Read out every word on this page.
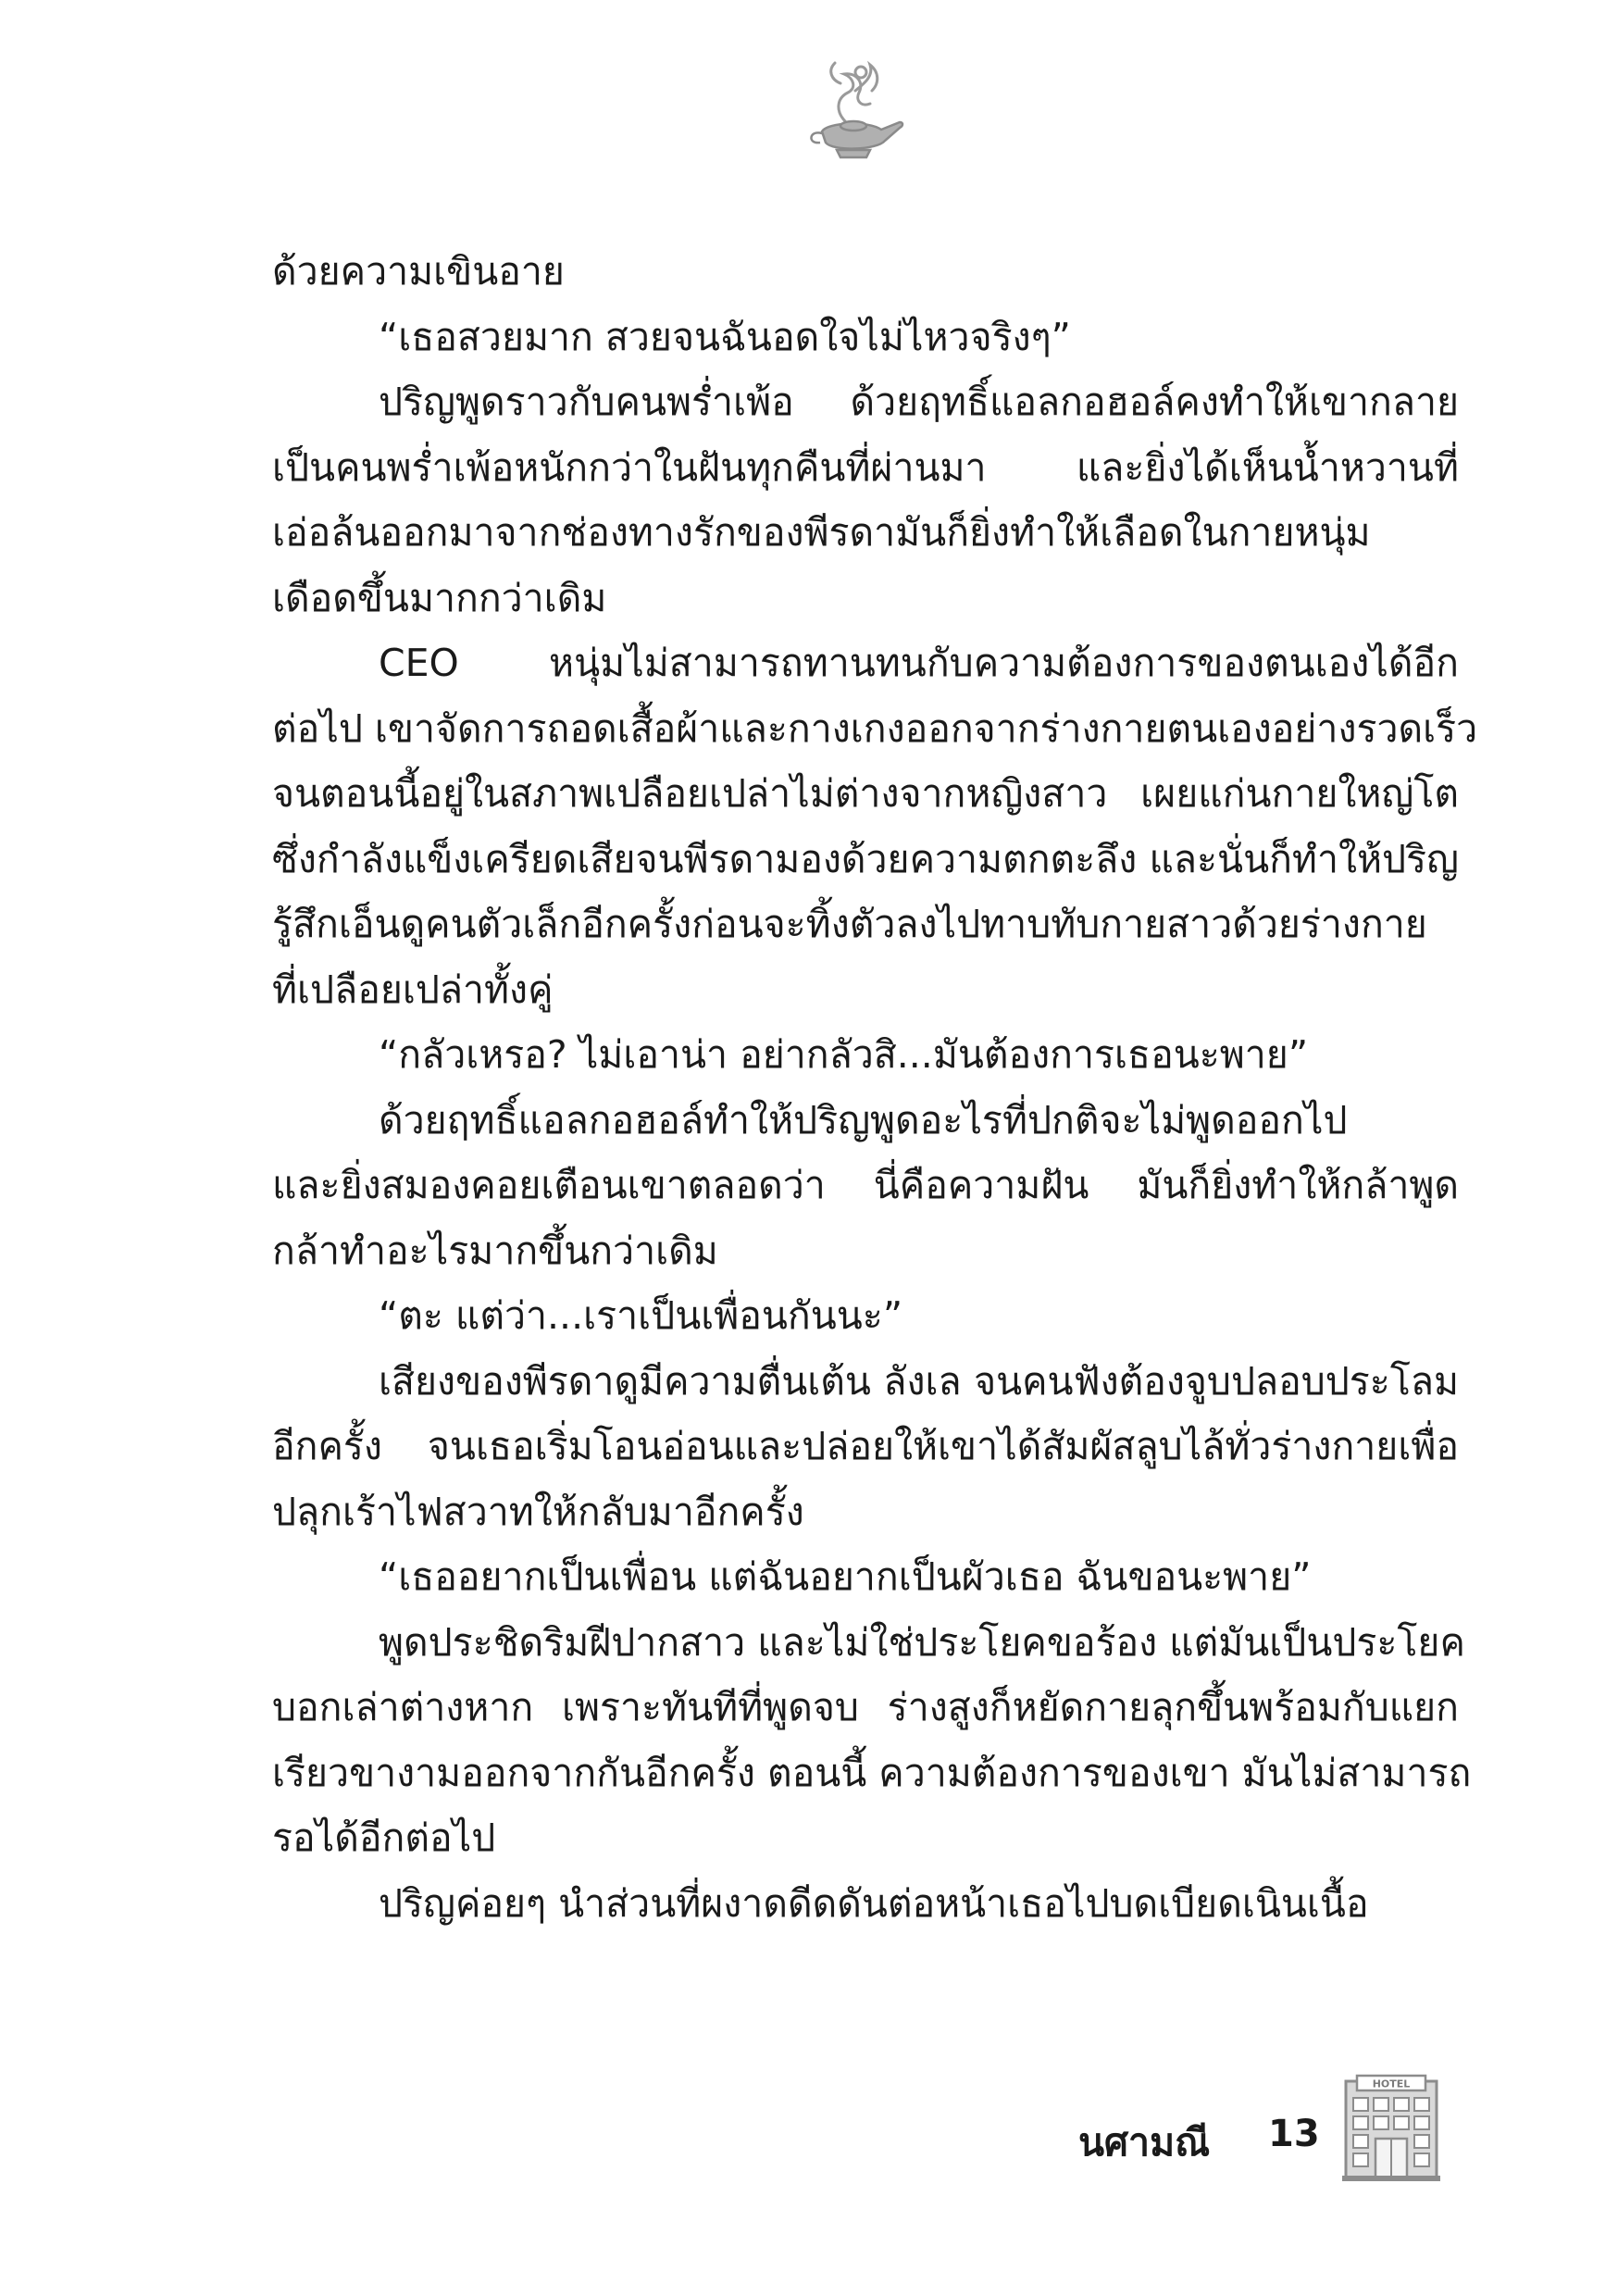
ด้วยความเขินอาย
“เธอสวยมาก สวยจนฉันอดใจไม่ไหวจริงๆ”
ปริญพูดราวกับคนพร่ำเพ้อ ด้วยฤทธิ์แอลกอฮอล์คงทำให้เขากลาย
เป็นคนพร่ำเพ้อหนักกว่าในฝันทุกคืนที่ผ่านมา และยิ่งได้เห็นน้ำหวานที่
เอ่อล้นออกมาจากช่องทางรักของพีรดามันก็ยิ่งทำให้เลือดในกายหนุ่ม
เดือดขึ้นมากกว่าเดิม
CEO หนุ่มไม่สามารถทานทนกับความต้องการของตนเองได้อีก
ต่อไป เขาจัดการถอดเสื้อผ้าและกางเกงออกจากร่างกายตนเองอย่างรวดเร็ว
จนตอนนี้อยู่ในสภาพเปลือยเปล่าไม่ต่างจากหญิงสาว เผยแก่นกายใหญ่โต
ซึ่งกำลังแข็งเครียดเสียจนพีรดามองด้วยความตกตะลึง และนั่นก็ทำให้ปริญ
รู้สึกเอ็นดูคนตัวเล็กอีกครั้งก่อนจะทิ้งตัวลงไปทาบทับกายสาวด้วยร่างกาย
ที่เปลือยเปล่าทั้งคู่
“กลัวเหรอ? ไม่เอาน่า อย่ากลัวสิ...มันต้องการเธอนะพาย”
ด้วยฤทธิ์แอลกอฮอล์ทำให้ปริญพูดอะไรที่ปกติจะไม่พูดออกไป
และยิ่งสมองคอยเตือนเขาตลอดว่า นี่คือความฝัน มันก็ยิ่งทำให้กล้าพูด
กล้าทำอะไรมากขึ้นกว่าเดิม
“ตะ แต่ว่า...เราเป็นเพื่อนกันนะ”
เสียงของพีรดาดูมีความตื่นเต้น ลังเล จนคนฟังต้องจูบปลอบประโลม
อีกครั้ง จนเธอเริ่มโอนอ่อนและปล่อยให้เขาได้สัมผัสลูบไล้ทั่วร่างกายเพื่อ
ปลุกเร้าไฟสวาทให้กลับมาอีกครั้ง
“เธออยากเป็นเพื่อน แต่ฉันอยากเป็นผัวเธอ ฉันขอนะพาย”
พูดประชิดริมฝีปากสาว และไม่ใช่ประโยคขอร้อง แต่มันเป็นประโยค
บอกเล่าต่างหาก เพราะทันทีที่พูดจบ ร่างสูงก็หยัดกายลุกขึ้นพร้อมกับแยก
เรียวขางามออกจากกันอีกครั้ง ตอนนี้ ความต้องการของเขา มันไม่สามารถ
รอได้อีกต่อไป
ปริญค่อยๆ นำส่วนที่ผงาดดีดดันต่อหน้าเธอไปบดเบียดเนินเนื้อ
นศามณี 13
HOTEL
